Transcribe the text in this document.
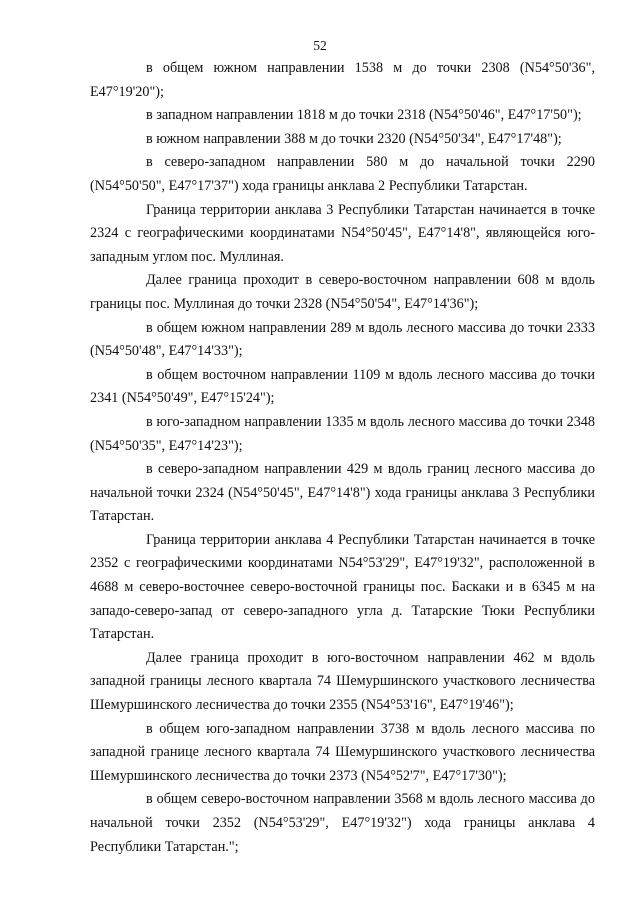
52

в общем южном направлении 1538 м до точки 2308 (N54°50'36", E47°19'20");

в западном направлении 1818 м до точки 2318 (N54°50'46", E47°17'50");

в южном направлении 388 м до точки 2320 (N54°50'34", E47°17'48");

в северо-западном направлении 580 м до начальной точки 2290 (N54°50'50", E47°17'37") хода границы анклава 2 Республики Татарстан.

Граница территории анклава 3 Республики Татарстан начинается в точке 2324 с географическими координатами N54°50'45", E47°14'8", являющейся юго-западным углом пос. Муллиная.

Далее граница проходит в северо-восточном направлении 608 м вдоль границы пос. Муллиная до точки 2328 (N54°50'54", E47°14'36");

в общем южном направлении 289 м вдоль лесного массива до точки 2333 (N54°50'48", E47°14'33");

в общем восточном направлении 1109 м вдоль лесного массива до точки 2341 (N54°50'49", E47°15'24");

в юго-западном направлении 1335 м вдоль лесного массива до точки 2348 (N54°50'35", E47°14'23");

в северо-западном направлении 429 м вдоль границ лесного массива до начальной точки 2324 (N54°50'45", E47°14'8") хода границы анклава 3 Республики Татарстан.

Граница территории анклава 4 Республики Татарстан начинается в точке 2352 с географическими координатами N54°53'29", E47°19'32", расположенной в 4688 м северо-восточнее северо-восточной границы пос. Баскаки и в 6345 м на западо-северо-запад от северо-западного угла д. Татарские Тюки Республики Татарстан.

Далее граница проходит в юго-восточном направлении 462 м вдоль западной границы лесного квартала 74 Шемуршинского участкового лесничества Шемуршинского лесничества до точки 2355 (N54°53'16", E47°19'46");

в общем юго-западном направлении 3738 м вдоль лесного массива по западной границе лесного квартала 74 Шемуршинского участкового лесничества Шемуршинского лесничества до точки 2373 (N54°52'7", E47°17'30");

в общем северо-восточном направлении 3568 м вдоль лесного массива до начальной точки 2352 (N54°53'29", E47°19'32") хода границы анклава 4 Республики Татарстан.";
